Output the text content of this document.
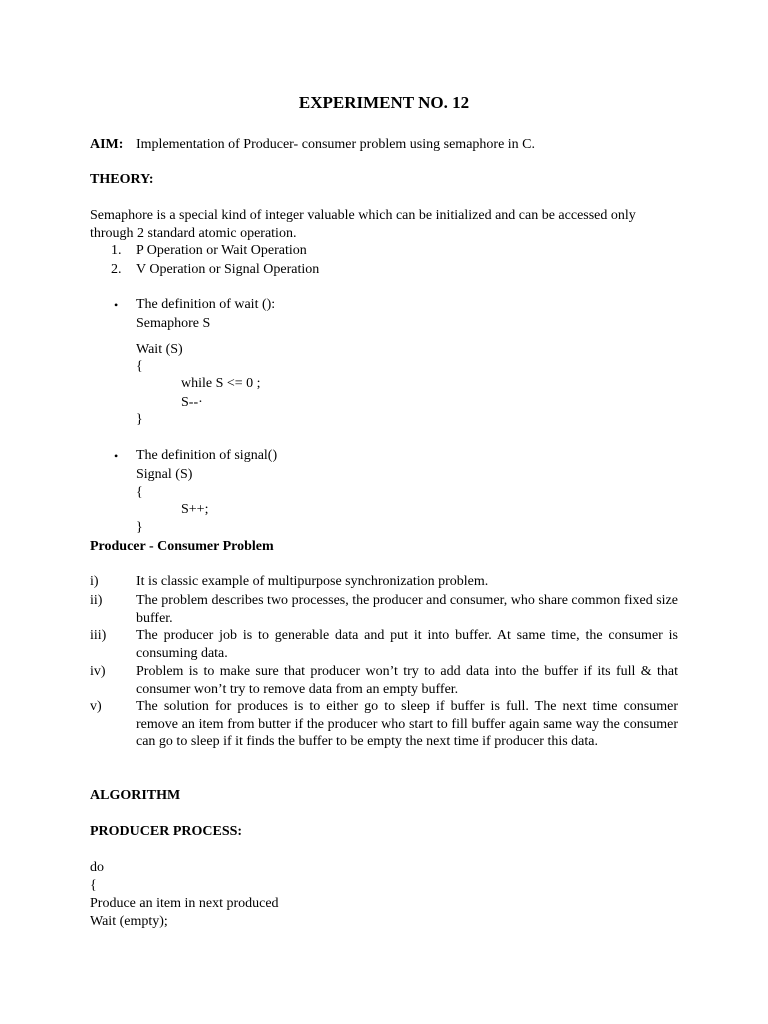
EXPERIMENT NO. 12
AIM: Implementation of Producer- consumer problem using semaphore in C.
THEORY:
Semaphore is a special kind of integer valuable which can be initialized and can be accessed only
through 2 standard atomic operation.
1. P Operation or Wait Operation
2. V Operation or Signal Operation
• The definition of wait ():
Semaphore S
Wait (S)
{
while S <= 0 ;
S--·
}
• The definition of signal()
Signal (S)
{
S++;
}
Producer - Consumer Problem
i)	It is classic example of multipurpose synchronization problem.
ii) The problem describes two processes, the producer and consumer, who share common fixed size buffer.
iii) The producer job is to generable data and put it into buffer. At same time, the consumer is consuming data.
iv) Problem is to make sure that producer won’t try to add data into the buffer if its full & that consumer won’t try to remove data from an empty buffer.
v) The solution for produces is to either go to sleep if buffer is full. The next time consumer remove an item from butter if the producer who start to fill buffer again same way the consumer can go to sleep if it finds the buffer to be empty the next time if producer this data.
ALGORITHM
PRODUCER PROCESS:
do
{
Produce an item in next produced
Wait (empty);
